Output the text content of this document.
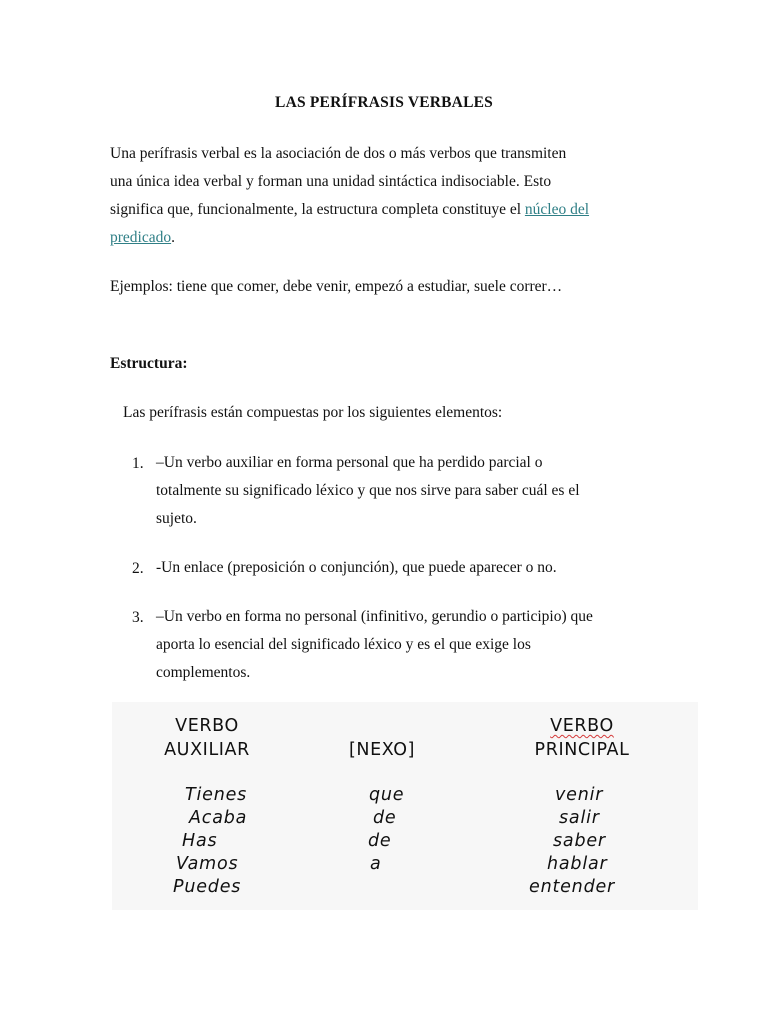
LAS PERÍFRASIS VERBALES
Una perífrasis verbal es la asociación de dos o más verbos que transmiten
una única idea verbal y forman una unidad sintáctica indisociable. Esto
significa que, funcionalmente, la estructura completa constituye el núcleo del
predicado.
Ejemplos: tiene que comer, debe venir, empezó a estudiar, suele correr…
Estructura:
Las perífrasis están compuestas por los siguientes elementos:
1. –Un verbo auxiliar en forma personal que ha perdido parcial o
totalmente su significado léxico y que nos sirve para saber cuál es el
sujeto.
2. -Un enlace (preposición o conjunción), que puede aparecer o no.
3. –Un verbo en forma no personal (infinitivo, gerundio o participio) que
aporta lo esencial del significado léxico y es el que exige los
complementos.
VERBO
AUXILIAR	[NEXO]
VERBO
PRINCIPAL
Tienes
Acaba
Has
Vamos
Puedes
que
de
de
a
venir
salir
saber
hablar
entender
